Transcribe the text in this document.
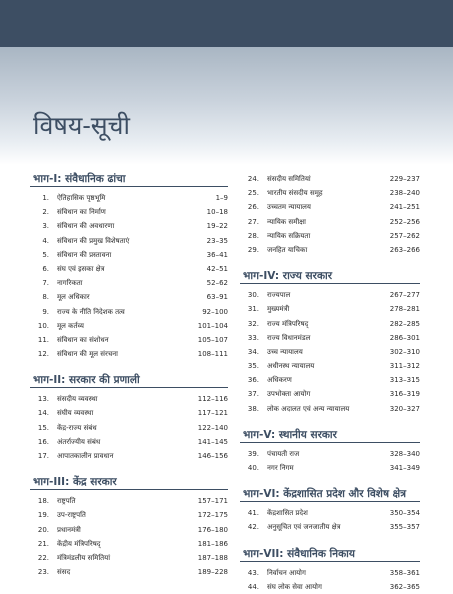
विषय-सूची
भाग-I: संवैधानिक ढांचा
1.	ऐतिहासिक पृष्ठभूमि	1–9
2.	संविधान का निर्माण	10–18
3.	संविधान की अवधारणा	19–22
4.	संविधान की प्रमुख विशेषताएं	23–35
5.	संविधान की प्रस्तावना	36–41
6.	संघ एवं इसका क्षेत्र	42–51
7.	नागरिकता	52–62
8.	मूल अधिकार	63–91
9.	राज्य के नीति निदेशक तत्व	92–100
10.	मूल कर्तव्य	101–104
11.	संविधान का संशोधन	105–107
12.	संविधान की मूल संरचना	108–111
भाग-II: सरकार की प्रणाली
13.	संसदीय व्यवस्था	112–116
14.	संघीय व्यवस्था	117–121
15.	केंद्र-राज्य संबंध	122–140
16.	अंतर्राज्यीय संबंध	141–145
17.	आपातकालीन प्रावधान	146–156
भाग-III: केंद्र सरकार
18.	राष्ट्रपति	157–171
19.	उप-राष्ट्रपति	172–175
20.	प्रधानमंत्री	176–180
21.	केंद्रीय मंत्रिपरिषद्	181–186
22.	मंत्रिमंडलीय समितियां	187–188
23.	संसद	189–228
24.	संसदीय समितियां	229–237
25.	भारतीय संसदीय समूह	238–240
26.	उच्चतम न्यायालय	241–251
27.	न्यायिक समीक्षा	252–256
28.	न्यायिक सक्रियता	257–262
29.	जनहित याचिका	263–266
भाग-IV: राज्य सरकार
30.	राज्यपाल	267–277
31.	मुख्यमंत्री	278–281
32.	राज्य मंत्रिपरिषद्	282–285
33.	राज्य विधानमंडल	286–301
34.	उच्च न्यायालय	302–310
35.	अधीनस्थ न्यायालय	311–312
36.	अधिकरण	313–315
37.	उपभोक्ता आयोग	316–319
38.	लोक अदालत एवं अन्य न्यायालय	320–327
भाग-V: स्थानीय सरकार
39.	पंचायती राज	328–340
40.	नगर निगम	341–349
भाग-VI: केंद्रशासित प्रदेश और विशेष क्षेत्र
41.	केंद्रशासित प्रदेश	350–354
42.	अनुसूचित एवं जनजातीय क्षेत्र	355–357
भाग-VII: संवैधानिक निकाय
43.	निर्वाचन आयोग	358–361
44.	संघ लोक सेवा आयोग	362–365
